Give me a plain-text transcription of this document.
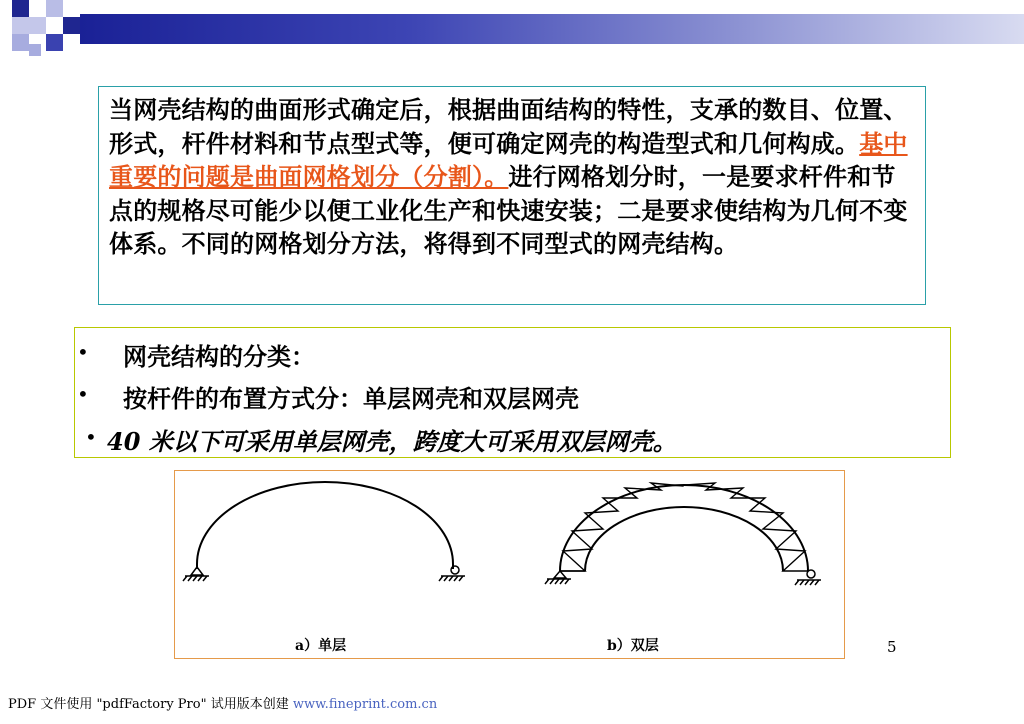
当网壳结构的曲面形式确定后，根据曲面结构的特性，支承的数目、位置、形式，杆件材料和节点型式等，便可确定网壳的构造型式和几何构成。基中重要的问题是曲面网格划分（分割）。进行网格划分时，一是要求杆件和节点的规格尽可能少以便工业化生产和快速安装；二是要求使结构为几何不变体系。不同的网格划分方法，将得到不同型式的网壳结构。

• 网壳结构的分类：
• 按杆件的布置方式分：单层网壳和双层网壳
• 40 米以下可采用单层网壳，跨度大可采用双层网壳。
a）单层	b）双层	5
PDF 文件使用 "pdfFactory Pro" 试用版本创建 www.fineprint.com.cn
